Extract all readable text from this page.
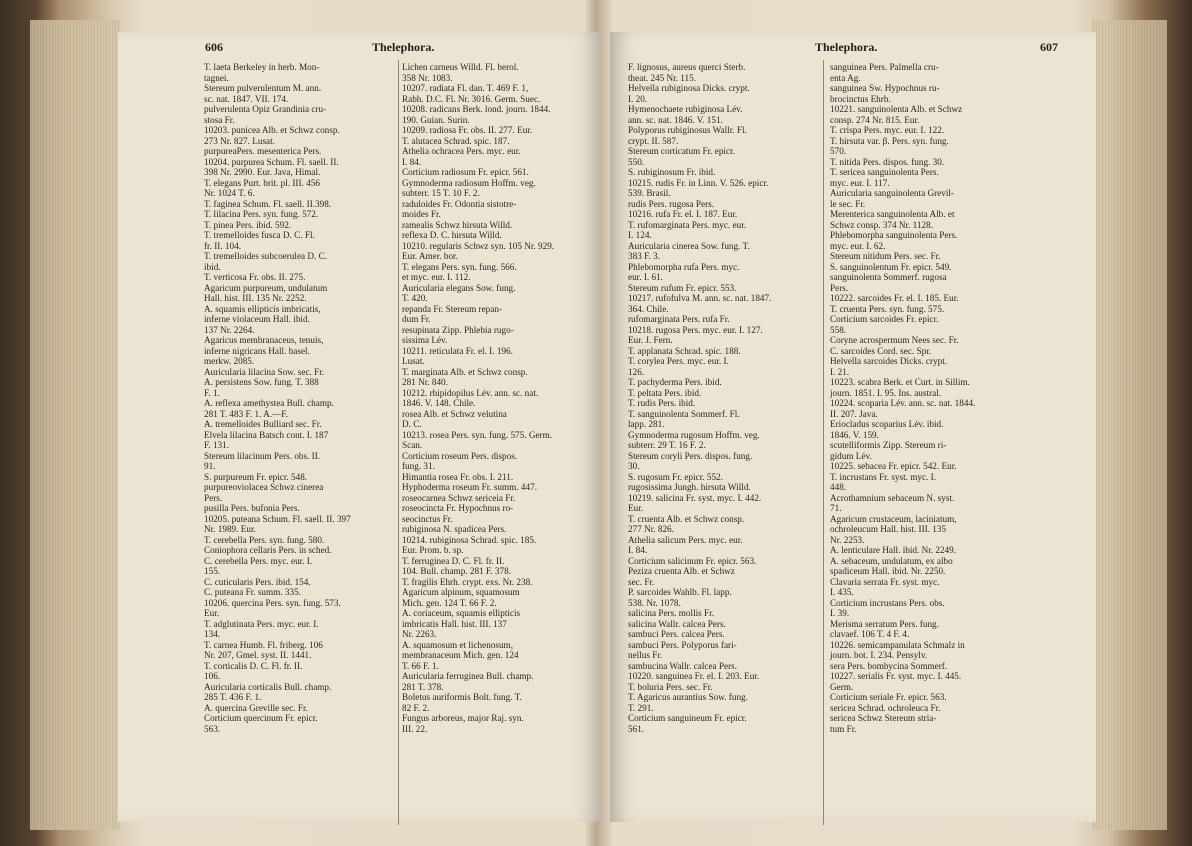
606	Thelephora.	Thelephora.	607
T. laeta Berkeley in herb. Mon-
tagnei.
Stereum pulverulentum M. ann.
sc. nat. 1847. VII. 174.
pulverulenta Opiz Grandinia cru-
stosa Fr.
10203. punicea Alb. et Schwz consp.
273 Nr. 827. Lusat.
purpureaPers. mesenterica Pers.
10204. purpurea Schum. Fl. saell. II.
398 Nr. 2990. Eur. Java, Himal.
T. elegans Purt. brit. pl. III. 456
Nr. 1024 T. 6.
T. faginea Schum. Fl. saell. II.398.
T. lilacina Pers. syn. fung. 572.
T. pinea Pers. ibid. 592.
T. tremelloides fusca D. C. Fl.
fr. II. 104.
T. tremelloides subcoerulea D. C.
ibid.
T. verticosa Fr. obs. II. 275.
Agaricum purpureum, undulatum
Hall. hist. III. 135 Nr. 2252.
A. squamis ellipticis imbricatis,
inferne violaceum Hall. ibid.
137 Nr. 2264.
Agaricus membranaceus, tenuis,
inferne nigricans Hall. basel.
merkw. 2085.
Auricularia lilacina Sow. sec. Fr.
A. persistens Sow. fung. T. 388
F. 1.
A. reflexa amethystea Bull. champ.
281 T. 483 F. 1. A.—F.
A. tremelloides Bulliard sec. Fr.
Elvela lilacina Batsch cont. I. 187
F. 131.
Stereum lilacinum Pers. obs. II.
91.
S. purpureum Fr. epicr. 548.
purpureoviolacea Schwz cinerea
Pers.
pusilla Pers. bufonia Pers.
10205. puteana Schum. Fl. saell. II. 397
Nr. 1989. Eur.
T. cerebella Pers. syn. fung. 580.
Coniophora cellaris Pers. in sched.
C. cerebella Pers. myc. eur. I.
155.
C. cuticularis Pers. ibid. 154.
C. puteana Fr. summ. 335.
10206. quercina Pers. syn. fung. 573.
Eur.
T. adglutinata Pers. myc. eur. I.
134.
T. carnea Humb. Fl. friberg. 106
Nr. 207, Gmel. syst. II. 1441.
T. corticalis D. C. Fl. fr. II.
106.
Auricularia corticalis Bull. champ.
285 T. 436 F. 1.
A. quercina Greville sec. Fr.
Corticium quercinum Fr. epicr.
563.
Lichen carneus Willd. Fl. berol.
358 Nr. 1083.
10207. radiata Fl. dan. T. 469 F. 1,
Rabh. D.C. Fl. Nr. 3016. Germ. Suec.
10208. radicans Berk. lond. journ. 1844.
190. Guian. Surin.
10209. radiosa Fr. obs. II. 277. Eur.
T. alutacea Schrad. spic. 187.
Athelia ochracea Pers. myc. eur.
I. 84.
Corticium radiosum Fr. epicr. 561.
Gymnoderma radiosum Hoffm. veg.
subterr. 15 T. 10 F. 2.
raduloides Fr. Odontia sistotre-
moides Fr.
ramealis Schwz hirsuta Willd.
reflexa D. C. hirsuta Willd.
10210. regularis Schwz syn. 105 Nr. 929.
Eur. Amer. bor.
T. elegans Pers. syn. fung. 566.
et myc. eur. I. 112.
Auricularia elegans Sow. fung.
T. 420.
repanda Fr. Stereum repan-
dum Fr.
resupinata Zipp. Phlebia rugo-
sissima Lév.
10211. reticulata Fr. el. I. 196.
Lusat.
T. marginata Alb. et Schwz consp.
281 Nr. 840.
10212. rhipidopilus Lév. ann. sc. nat.
1846. V. 148. Chile.
rosea Alb. et Schwz velutina
D. C.
10213. rosea Pers. syn. fung. 575. Germ.
Scan.
Corticium roseum Pers. dispos.
fung. 31.
Himantia rosea Fr. obs. I. 211.
Hyphoderma roseum Fr. summ. 447.
roseocarnea Schwz sericeia Fr.
roseocincta Fr. Hypochnus ro-
seocinctus Fr.
rubiginosa N. spadicea Pers.
10214. rubiginosa Schrad. spic. 185.
Eur. Prom. b. sp.
T. ferruginea D. C. Fl. fr. II.
104. Bull. champ. 281 F. 378.
T. fragilis Ehrh. crypt. exs. Nr. 238.
Agaricum alpinum, squamosum
Mich. gen. 124 T. 66 F. 2.
A. coriaceum, squamis ellipticis
imbricatis Hall. hist. III. 137
Nr. 2263.
A. squamosum et lichenosum,
membranaceum Mich. gen. 124
T. 66 F. 1.
Auricularia ferruginea Bull. champ.
281 T. 378.
Boletus auriformis Bolt. fung. T.
82 F. 2.
Fungus arboreus, major Raj. syn.
III. 22.
F. lignosus, aureus querci Sterb.
theat. 245 Nr. 115.
Helvella rubiginosa Dicks. crypt.
I. 20.
Hymenochaete rubiginosa Lév.
ann. sc. nat. 1846. V. 151.
Polyporus rubiginosus Wallr. Fl.
crypt. II. 587.
Stereum corticatum Fr. epicr.
550.
S. rubiginosum Fr. ibid.
10215. rudis Fr. in Linn. V. 526. epicr.
539. Brasil.
rudis Pers. rugosa Pers.
10216. rufa Fr. el. I. 187. Eur.
T. rufomarginata Pers. myc. eur.
I. 124.
Auricularia cinerea Sow. fung. T.
383 F. 3.
Phlebomorpha rufa Pers. myc.
eur. I. 61.
Stereum rufum Fr. epicr. 553.
10217. rufofulva M. ann. sc. nat. 1847.
364. Chile.
rufomarginata Pers. rufa Fr.
10218. rugosa Pers. myc. eur. I. 127.
Eur. J. Fern.
T. applanata Schrad. spic. 188.
T. corylea Pers. myc. eur. I.
126.
T. pachyderma Pers. ibid.
T. peltata Pers. ibid.
T. rudis Pers. ibid.
T. sanguinolenta Sommerf. Fl.
lapp. 281.
Gymnoderma rugosum Hoffm. veg.
subterr. 29 T. 16 F. 2.
Stereum coryli Pers. dispos. fung.
30.
S. rugosum Fr. epicr. 552.
rugosissima Jungh. hirsuta Willd.
10219. salicina Fr. syst. myc. I. 442.
Eur.
T. cruenta Alb. et Schwz consp.
277 Nr. 826.
Athelia salicum Pers. myc. eur.
I. 84.
Corticium salicinum Fr. epicr. 563.
Peziza cruenta Alb. et Schwz
sec. Fr.
P. sarcoides Wahlb. Fl. lapp.
538. Nr. 1078.
salicina Pers. mollis Fr.
salicina Wallr. calcea Pers.
sambuci Pers. calcea Pers.
sambuci Pers. Polyporus fari-
nellus Fr.
sambucina Wallr. calcea Pers.
10220. sanguinea Fr. el. I. 203. Eur.
T. boluria Pers. sec. Fr.
T. Agaricus aurantius Sow. fung.
T. 291.
Corticium sanguineum Fr. epicr.
561.
sanguinea Pers. Palmella cru-
enta Ag.
sanguinea Sw. Hypochnus ru-
brocinctus Ehrb.
10221. sanguinolenta Alb. et Schwz
consp. 274 Nr. 815. Eur.
T. crispa Pers. myc. eur. I. 122.
T. hirsuta var. β. Pers. syn. fung.
570.
T. nitida Pers. dispos. fung. 30.
T. sericea sanguinolenta Pers.
myc. eur. I. 117.
Auricularia sanguinolenta Grevil-
le sec. Fr.
Merenterica sanguinolenta Alb. et
Schwz consp. 374 Nr. 1128.
Phlebomorpha sanguinolenta Pers.
myc. eur. I. 62.
Stereum nitidum Pers. sec. Fr.
S. sanguinolentum Fr. epicr. 549.
sanguinolenta Sommerf. rugosa
Pers.
10222. sarcoides Fr. el. I. 185. Eur.
T. cruenta Pers. syn. fung. 575.
Corticium sarcoides Fr. epicr.
558.
Coryne acrospermum Nees sec. Fr.
C. sarcoides Cord. sec. Spr.
Helvella sarcoides Dicks. crypt.
I. 21.
10223. scabra Berk. et Curt. in Sillim.
journ. 1851. I. 95. Ins. austral.
10224. scoparia Lév. ann. sc. nat. 1844.
II. 207. Java.
Eriocladus scoparius Lév. ibid.
1846. V. 159.
scutelliformis Zipp. Stereum ri-
gidum Lév.
10225. sebacea Fr. epicr. 542. Eur.
T. incrustans Fr. syst. myc. I.
448.
Acrothamnium sebaceum N. syst.
71.
Agaricum crustaceum, laciniatum,
ochroleucum Hall. hist. III. 135
Nr. 2253.
A. lenticulare Hall. ibid. Nr. 2249.
A. sebaceum, undulatum, ex albo
spadiceum Hall. ibid. Nr. 2250.
Clavaria serrata Fr. syst. myc.
I. 435.
Corticium incrustans Pers. obs.
I. 39.
Merisma serratum Pers. fung.
clavaef. 106 T. 4 F. 4.
10226. semicampanulata Schmalz in
journ. bot. I. 234. Pensylv.
sera Pers. bombycina Sommerf.
10227. serialis Fr. syst. myc. I. 445.
Germ.
Corticium seriale Fr. epicr. 563.
sericea Schrad. ochroleuca Fr.
sericea Schwz Stereum stria-
tum Fr.
